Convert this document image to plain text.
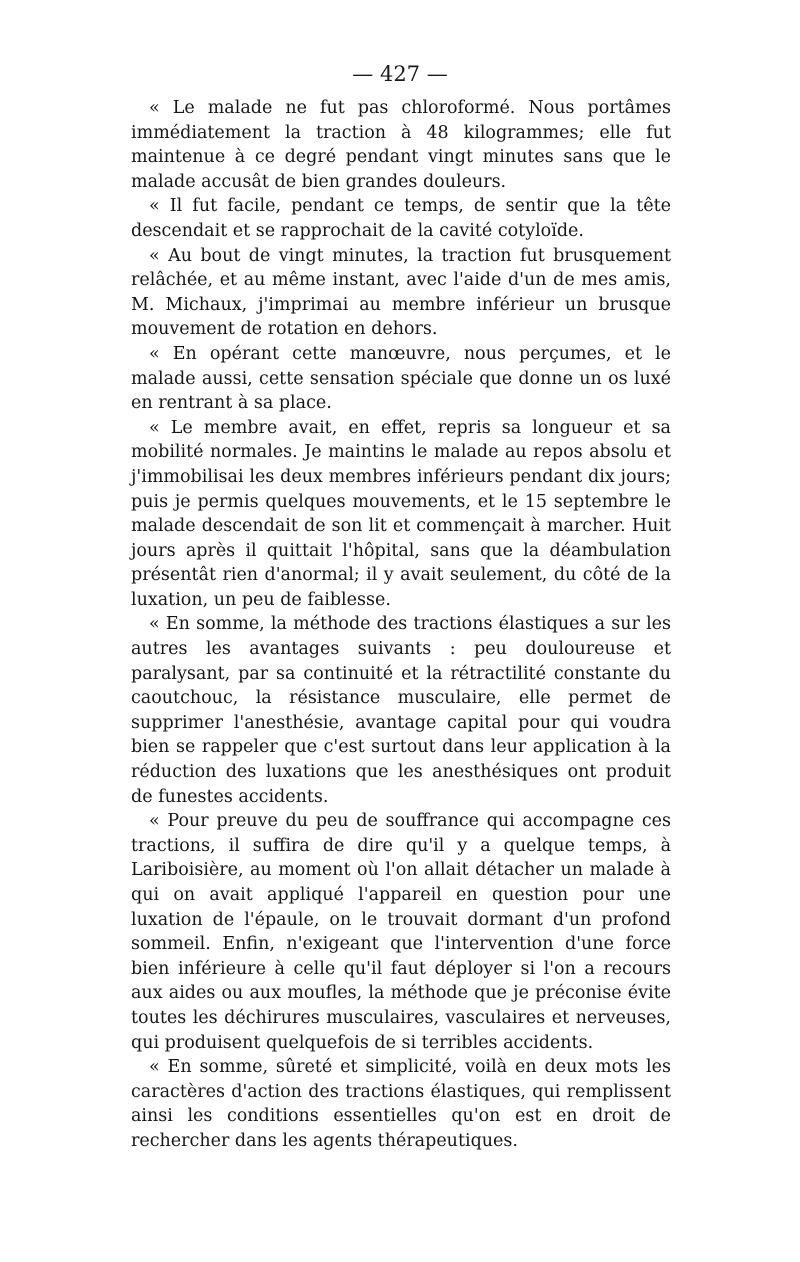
— 427 —

« Le malade ne fut pas chloroformé. Nous portâmes immédiatement la traction à 48 kilogrammes; elle fut maintenue à ce degré pendant vingt minutes sans que le malade accusât de bien grandes douleurs.

« Il fut facile, pendant ce temps, de sentir que la tête descendait et se rapprochait de la cavité cotyloïde.

« Au bout de vingt minutes, la traction fut brusquement relâchée, et au même instant, avec l'aide d'un de mes amis, M. Michaux, j'imprimai au membre inférieur un brusque mouvement de rotation en dehors.

« En opérant cette manœuvre, nous perçumes, et le malade aussi, cette sensation spéciale que donne un os luxé en rentrant à sa place.

« Le membre avait, en effet, repris sa longueur et sa mobilité normales. Je maintins le malade au repos absolu et j'immobilisai les deux membres inférieurs pendant dix jours; puis je permis quelques mouvements, et le 15 septembre le malade descendait de son lit et commençait à marcher. Huit jours après il quittait l'hôpital, sans que la déambulation présentât rien d'anormal; il y avait seulement, du côté de la luxation, un peu de faiblesse.

« En somme, la méthode des tractions élastiques a sur les autres les avantages suivants : peu douloureuse et paralysant, par sa continuité et la rétractilité constante du caoutchouc, la résistance musculaire, elle permet de supprimer l'anesthésie, avantage capital pour qui voudra bien se rappeler que c'est surtout dans leur application à la réduction des luxations que les anesthésiques ont produit de funestes accidents.

« Pour preuve du peu de souffrance qui accompagne ces tractions, il suffira de dire qu'il y a quelque temps, à Lariboisière, au moment où l'on allait détacher un malade à qui on avait appliqué l'appareil en question pour une luxation de l'épaule, on le trouvait dormant d'un profond sommeil. Enfin, n'exigeant que l'intervention d'une force bien inférieure à celle qu'il faut déployer si l'on a recours aux aides ou aux moufles, la méthode que je préconise évite toutes les déchirures musculaires, vasculaires et nerveuses, qui produisent quelquefois de si terribles accidents.

« En somme, sûreté et simplicité, voilà en deux mots les caractères d'action des tractions élastiques, qui remplissent ainsi les conditions essentielles qu'on est en droit de rechercher dans les agents thérapeutiques.
